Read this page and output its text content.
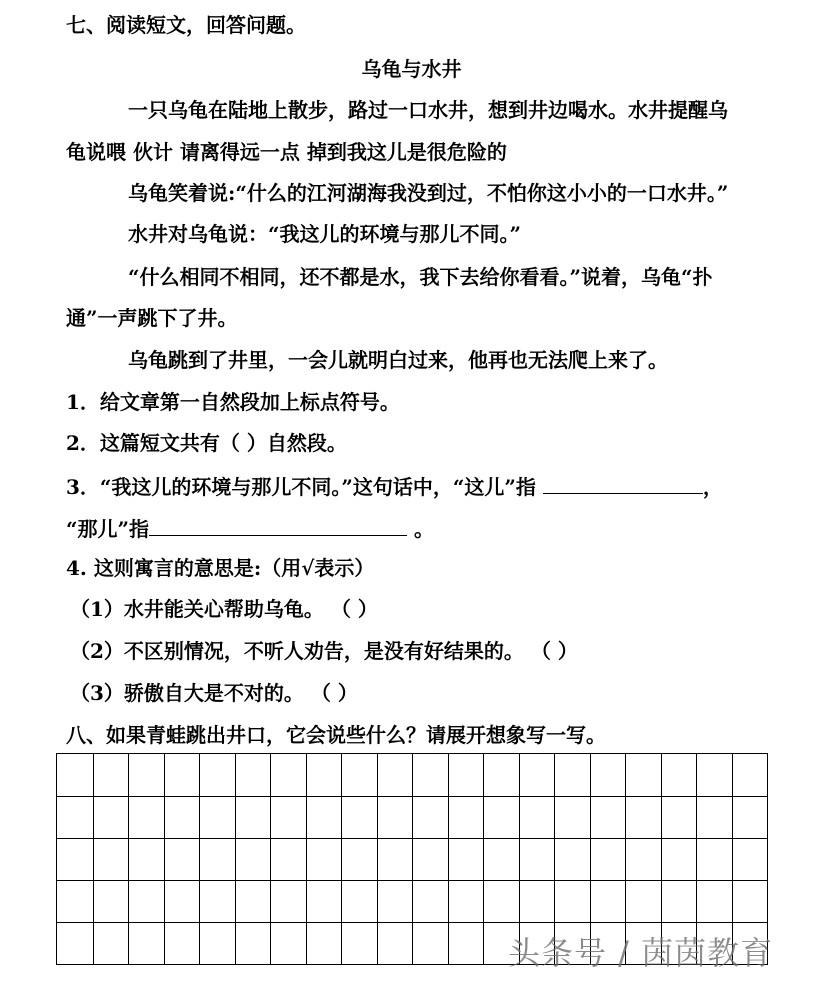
七、阅读短文，回答问题。
乌龟与水井
一只乌龟在陆地上散步，路过一口水井，想到井边喝水。水井提醒乌
龟说喂 伙计 请离得远一点 掉到我这儿是很危险的
乌龟笑着说:“什么的江河湖海我没到过，不怕你这小小的一口水井。”
水井对乌龟说：“我这儿的环境与那儿不同。”
“什么相同不相同，还不都是水，我下去给你看看。”说着，乌龟“扑
通”一声跳下了井。
乌龟跳到了井里，一会儿就明白过来，他再也无法爬上来了。
1．给文章第一自然段加上标点符号。
2．这篇短文共有（ ）自然段。
3．“我这儿的环境与那儿不同。”这句话中，“这儿”指	，
“那儿”指	。
4. 这则寓言的意思是:（用√表示）
（1）水井能关心帮助乌龟。 （ ）
（2）不区别情况，不听人劝告，是没有好结果的。 （ ）
（3）骄傲自大是不对的。 （ ）
八、如果青蛙跳出井口，它会说些什么？请展开想象写一写。
头条号 / 茵茵教育
